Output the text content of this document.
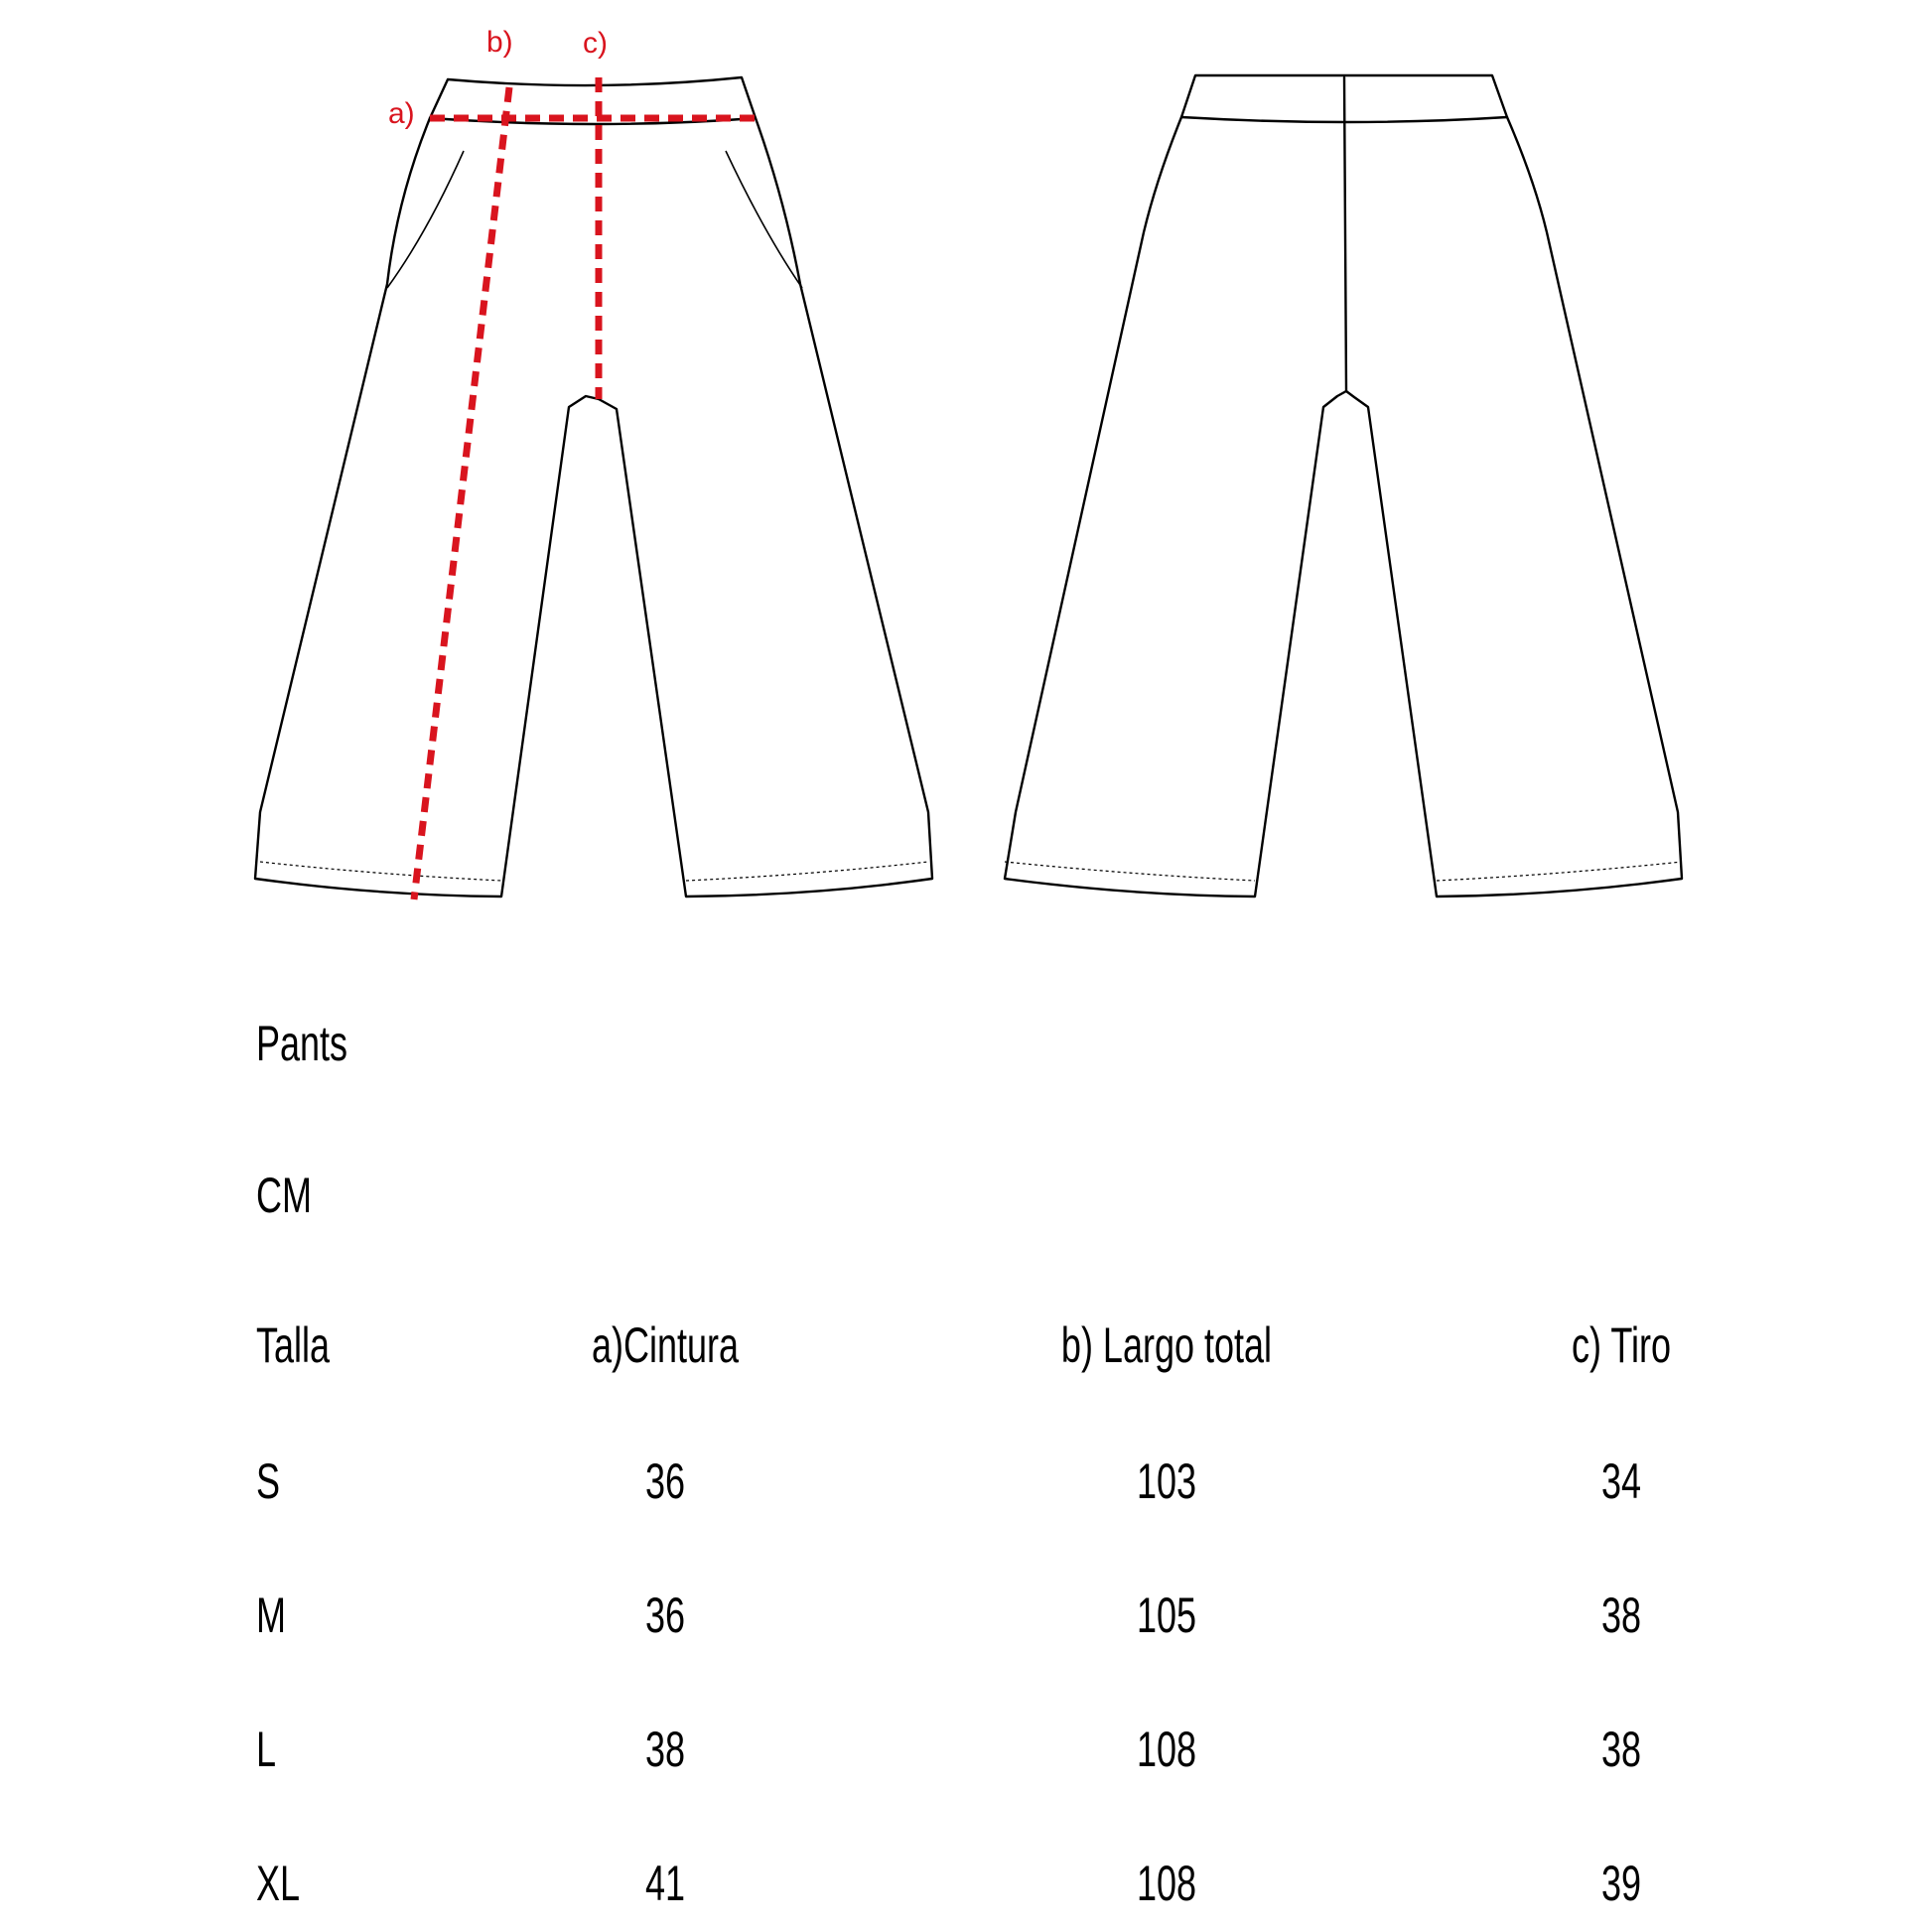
a)
b) c)
Pants
CM
Talla	a)Cintura	b) Largo total	c) Tiro
S	36	103	34
M	36	105	38
L	38	108	38
XL	41	108	39
